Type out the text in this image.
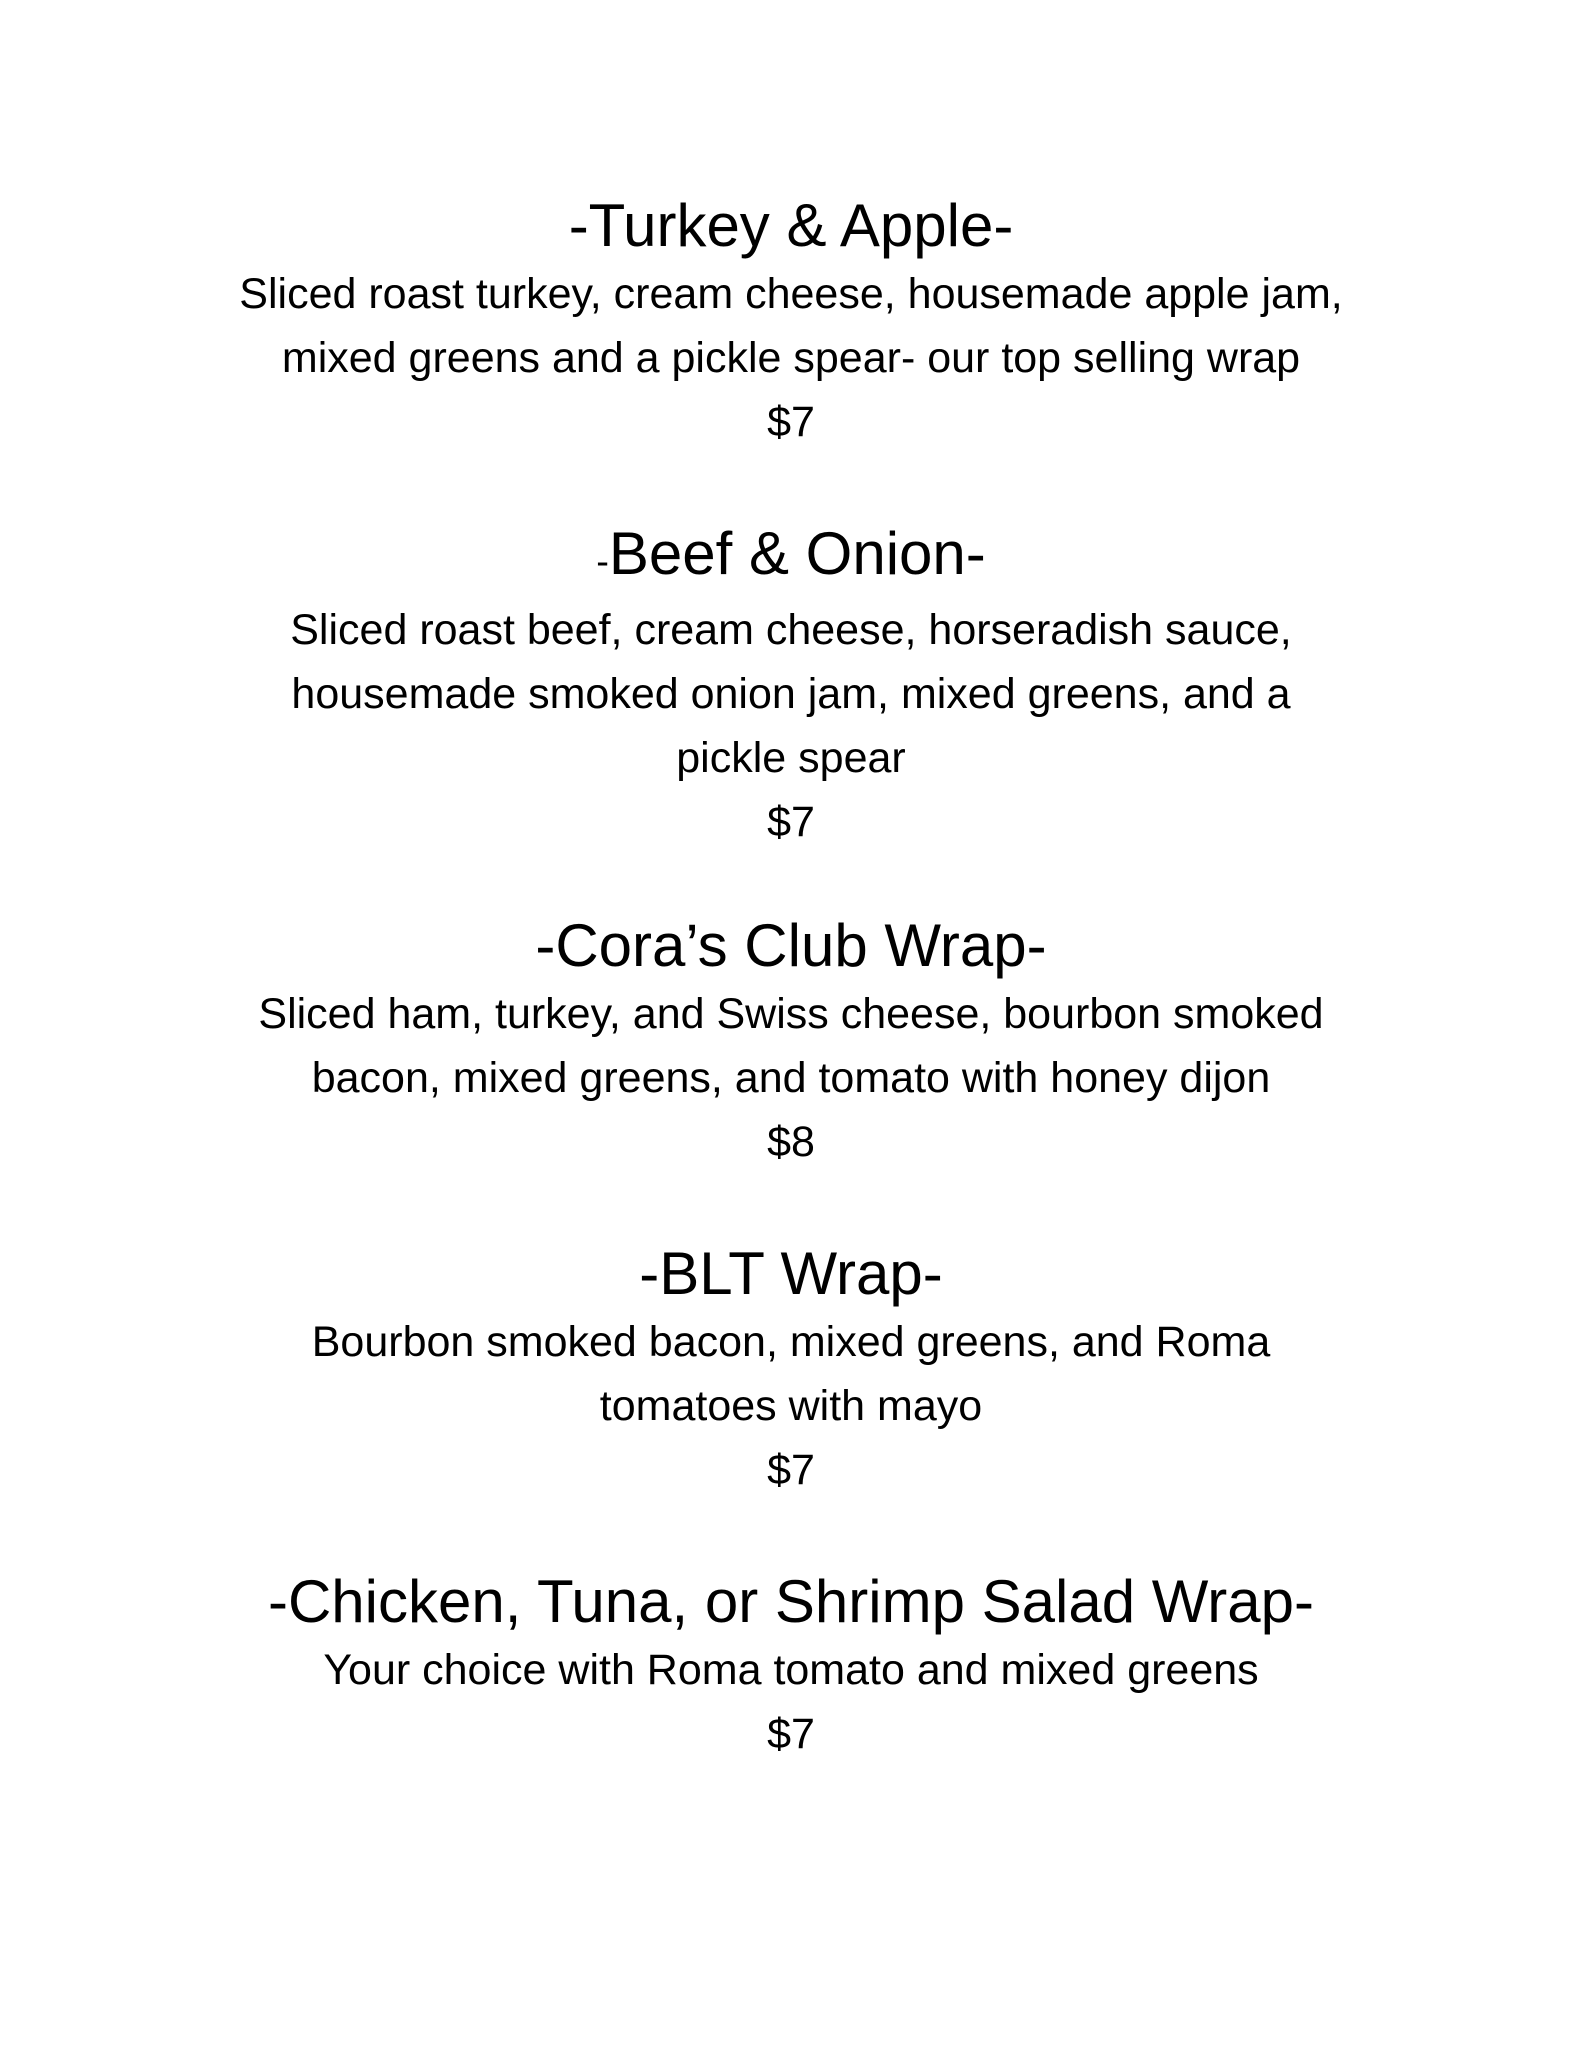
-Turkey & Apple-

Sliced roast turkey, cream cheese, housemade apple jam,
mixed greens and a pickle spear- our top selling wrap

$7

-Beef & Onion-

Sliced roast beef, cream cheese, horseradish sauce,
housemade smoked onion jam, mixed greens, and a
pickle spear

$7

-Cora’s Club Wrap-

Sliced ham, turkey, and Swiss cheese, bourbon smoked
bacon, mixed greens, and tomato with honey dijon

$8

-BLT Wrap-

Bourbon smoked bacon, mixed greens, and Roma
tomatoes with mayo

$7

-Chicken, Tuna, or Shrimp Salad Wrap-

Your choice with Roma tomato and mixed greens

$7
